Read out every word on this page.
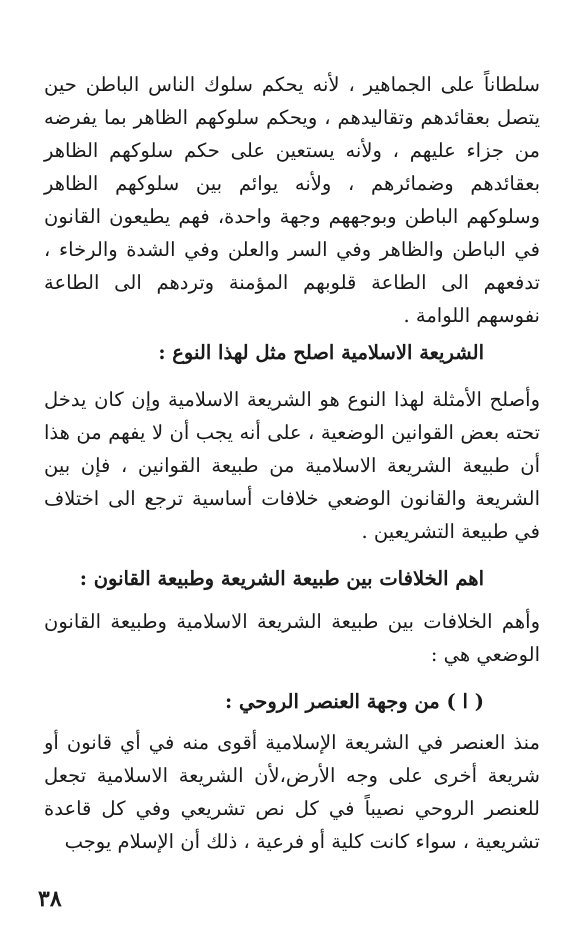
سلطاناً على الجماهير ، لأنه يحكم سلوك الناس الباطن حين يتصل بعقائدهم وتقاليدهم ، ويحكم سلوكهم الظاهر بما يفرضه من جزاء عليهم ، ولأنه يستعين على حكم سلوكهم الظاهر بعقائدهم وضمائرهم ، ولأنه يوائم بين سلوكهم الظاهر وسلوكهم الباطن وبوجههم وجهة واحدة، فهم يطيعون القانون في الباطن والظاهر وفي السر والعلن وفي الشدة والرخاء ، تدفعهم الى الطاعة قلوبهم المؤمنة وتردهم الى الطاعة نفوسهم اللوامة .

الشريعة الاسلامية اصلح مثل لهذا النوع :

وأصلح الأمثلة لهذا النوع هو الشريعة الاسلامية وإن كان يدخل تحته بعض القوانين الوضعية ، على أنه يجب أن لا يفهم من هذا أن طبيعة الشريعة الاسلامية من طبيعة القوانين ، فإن بين الشريعة والقانون الوضعي خلافات أساسية ترجع الى اختلاف في طبيعة التشريعين .

اهم الخلافات بين طبيعة الشريعة وطبيعة القانون :

وأهم الخلافات بين طبيعة الشريعة الاسلامية وطبيعة القانون الوضعي هي :

( ا ) من وجهة العنصر الروحي :

منذ العنصر في الشريعة الإسلامية أقوى منه في أي قانون أو شريعة أخرى على وجه الأرض،لأن الشريعة الاسلامية تجعل للعنصر الروحي نصيباً في كل نص تشريعي وفي كل قاعدة تشريعية ، سواء كانت كلية أو فرعية ، ذلك أن الإسلام يوجب

٣٨
